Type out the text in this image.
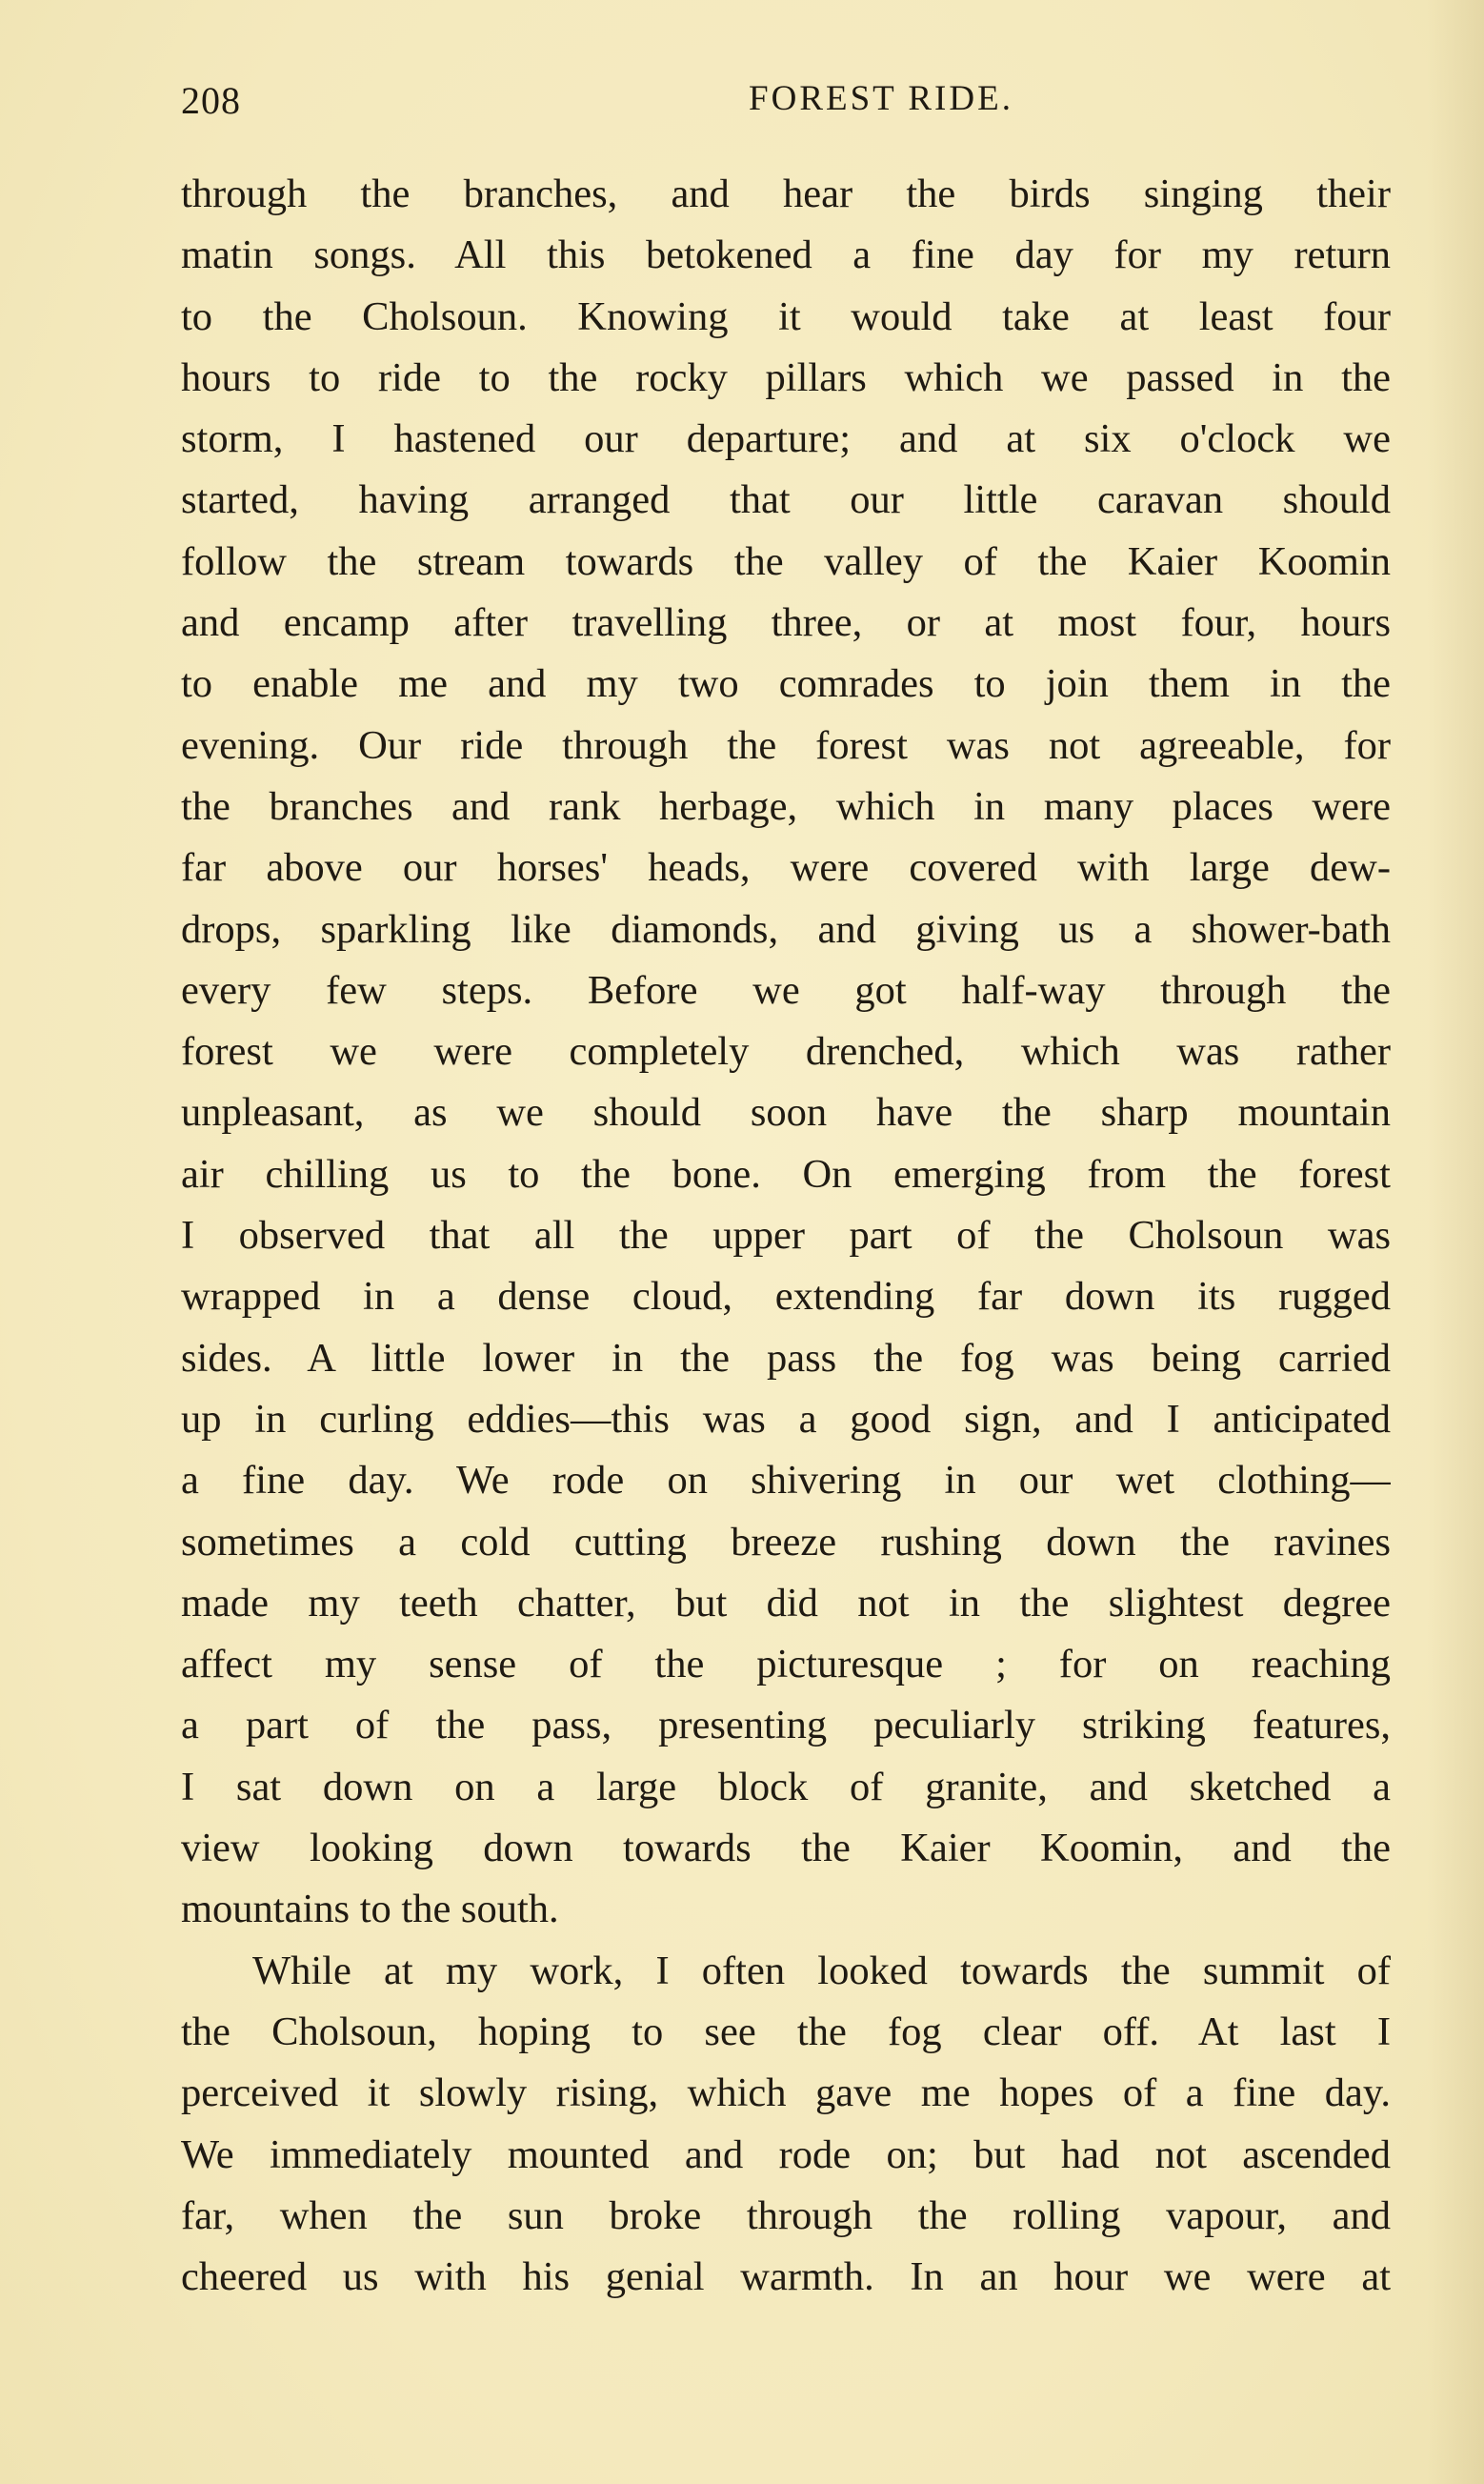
208	FOREST RIDE.
through the branches, and hear the birds singing their
matin songs. All this betokened a fine day for my return
to the Cholsoun. Knowing it would take at least four
hours to ride to the rocky pillars which we passed in the
storm, I hastened our departure; and at six o'clock we
started, having arranged that our little caravan should
follow the stream towards the valley of the Kaier Koomin
and encamp after travelling three, or at most four, hours
to enable me and my two comrades to join them in the
evening. Our ride through the forest was not agreeable, for
the branches and rank herbage, which in many places were
far above our horses' heads, were covered with large dew-
drops, sparkling like diamonds, and giving us a shower-bath
every few steps. Before we got half-way through the
forest we were completely drenched, which was rather
unpleasant, as we should soon have the sharp mountain
air chilling us to the bone. On emerging from the forest
I observed that all the upper part of the Cholsoun was
wrapped in a dense cloud, extending far down its rugged
sides. A little lower in the pass the fog was being carried
up in curling eddies—this was a good sign, and I anticipated
a fine day. We rode on shivering in our wet clothing—
sometimes a cold cutting breeze rushing down the ravines
made my teeth chatter, but did not in the slightest degree
affect my sense of the picturesque ; for on reaching
a part of the pass, presenting peculiarly striking features,
I sat down on a large block of granite, and sketched a
view looking down towards the Kaier Koomin, and the
mountains to the south.
While at my work, I often looked towards the summit of
the Cholsoun, hoping to see the fog clear off. At last I
perceived it slowly rising, which gave me hopes of a fine day.
We immediately mounted and rode on; but had not ascended
far, when the sun broke through the rolling vapour, and
cheered us with his genial warmth. In an hour we were at
